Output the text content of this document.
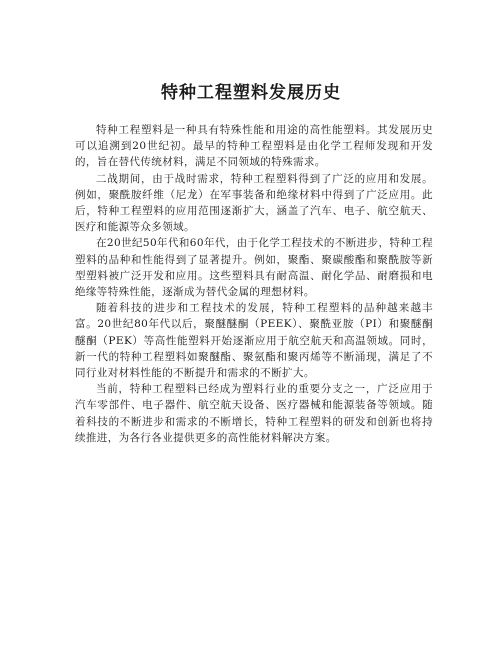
特种工程塑料发展历史

特种工程塑料是一种具有特殊性能和用途的高性能塑料。其发展历史可以追溯到20世纪初。最早的特种工程塑料是由化学工程师发现和开发的，旨在替代传统材料，满足不同领域的特殊需求。

二战期间，由于战时需求，特种工程塑料得到了广泛的应用和发展。例如，聚酰胺纤维（尼龙）在军事装备和绝缘材料中得到了广泛应用。此后，特种工程塑料的应用范围逐渐扩大，涵盖了汽车、电子、航空航天、医疗和能源等众多领域。

在20世纪50年代和60年代，由于化学工程技术的不断进步，特种工程塑料的品种和性能得到了显著提升。例如，聚酯、聚碳酸酯和聚酰胺等新型塑料被广泛开发和应用。这些塑料具有耐高温、耐化学品、耐磨损和电绝缘等特殊性能，逐渐成为替代金属的理想材料。

随着科技的进步和工程技术的发展，特种工程塑料的品种越来越丰富。20世纪80年代以后，聚醚醚酮（PEEK）、聚酰亚胺（PI）和聚醚酮醚酮（PEK）等高性能塑料开始逐渐应用于航空航天和高温领域。同时，新一代的特种工程塑料如聚醚酯、聚氨酯和聚丙烯等不断涌现，满足了不同行业对材料性能的不断提升和需求的不断扩大。

当前，特种工程塑料已经成为塑料行业的重要分支之一，广泛应用于汽车零部件、电子器件、航空航天设备、医疗器械和能源装备等领域。随着科技的不断进步和需求的不断增长，特种工程塑料的研发和创新也将持续推进，为各行各业提供更多的高性能材料解决方案。
